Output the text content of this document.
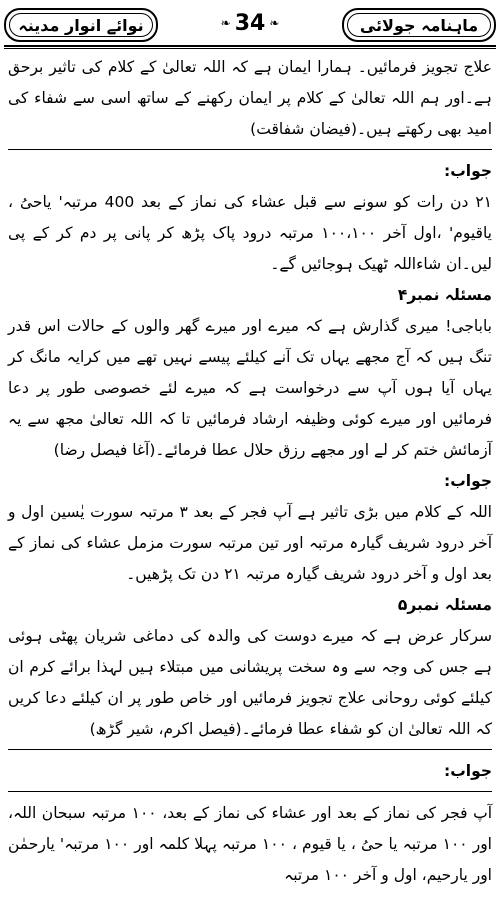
نوائے انوار مدینہ	❧ 34 ❧	ماہنامہ جولائی

علاج تجویز فرمائیں۔ ہمارا ایمان ہے کہ اللہ تعالیٰ کے کلام کی تاثیر برحق ہے۔اور ہم اللہ تعالیٰ کے کلام پر ایمان رکھنے کے ساتھ اسی سے شفاء کی امید بھی رکھتے ہیں۔(فیضان شفاقت)

جواب:

۲۱ دن رات کو سونے سے قبل عشاء کی نماز کے بعد 400 مرتبہ' یاحیُ ، یاقیوم' ،اول آخر ۱۰۰،۱۰۰ مرتبہ درود پاک پڑھ کر پانی پر دم کر کے پی لیں۔ان شاءاللہ ٹھیک ہوجائیں گے۔

مسئلہ نمبر۴

باباجی! میری گذارش ہے کہ میرے اور میرے گھر والوں کے حالات اس قدر تنگ ہیں کہ آج مجھے یہاں تک آنے کیلئے پیسے نہیں تھے میں کرایہ مانگ کر یہاں آیا ہوں آپ سے درخواست ہے کہ میرے لئے خصوصی طور پر دعا فرمائیں اور میرے کوئی وظیفہ ارشاد فرمائیں تا کہ اللہ تعالیٰ مجھ سے یہ آزمائش ختم کر لے اور مجھے رزق حلال عطا فرمائے۔(آغا فیصل رضا)

جواب:

اللہ کے کلام میں بڑی تاثیر ہے آپ فجر کے بعد ۳ مرتبہ سورت یٰسین اول و آخر درود شریف گیارہ مرتبہ اور تین مرتبہ سورت مزمل عشاء کی نماز کے بعد اول و آخر درود شریف گیارہ مرتبہ ۲۱ دن تک پڑھیں۔

مسئلہ نمبر۵

سرکار عرض ہے کہ میرے دوست کی والدہ کی دماغی شریان پھٹی ہوئی ہے جس کی وجہ سے وہ سخت پریشانی میں مبتلاء ہیں لہذا برائے کرم ان کیلئے کوئی روحانی علاج تجویز فرمائیں اور خاص طور پر ان کیلئے دعا کریں کہ اللہ تعالیٰ ان کو شفاء عطا فرمائے۔(فیصل اکرم، شیر گڑھ)

جواب:

آپ فجر کی نماز کے بعد اور عشاء کی نماز کے بعد، ۱۰۰ مرتبہ سبحان اللہ، اور ۱۰۰ مرتبہ یا حیُ ، یا قیوم ، ۱۰۰ مرتبہ پہلا کلمہ اور ۱۰۰ مرتبہ' یارحمٰن اور یارحیم، اول و آخر ۱۰۰ مرتبہ
